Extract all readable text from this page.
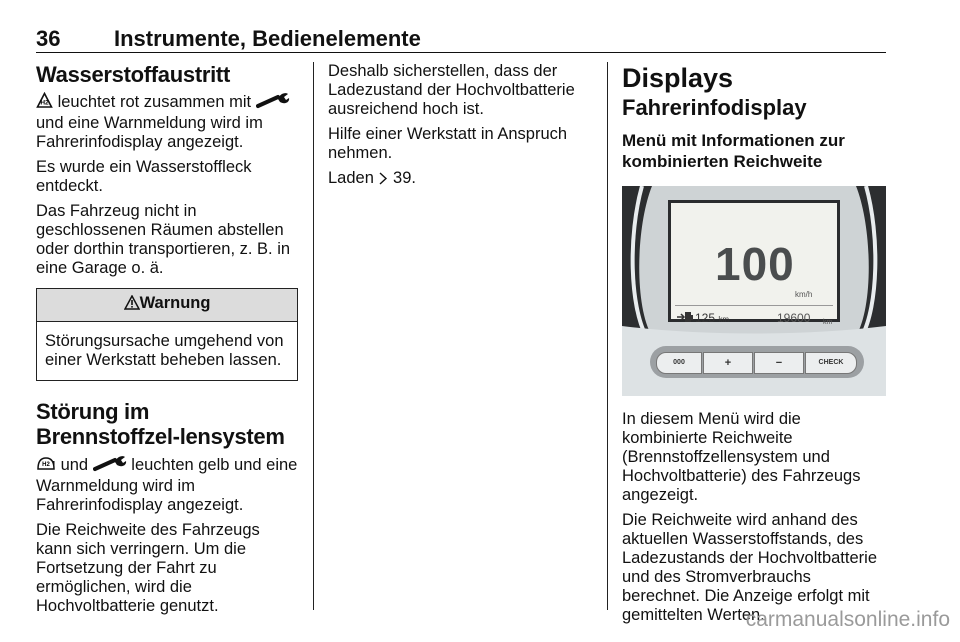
36 Instrumente, Bedienelemente
Wasserstoffaustritt
H2 leuchtet rot zusammen mit
und eine Warnmeldung wird im
Fahrerinfodisplay angezeigt.

Es wurde ein Wasserstoffleck entdeckt.

Das Fahrzeug nicht in geschlossenen Räumen abstellen oder dorthin transportieren, z. B. in eine Garage o. ä.

Warnung
Störungsursache umgehend von einer Werkstatt beheben lassen.
Störung im Brennstoffzel-lensystem
H2 und  leuchten gelb und eine
Warnmeldung wird im Fahrerinfodisplay angezeigt.

Die Reichweite des Fahrzeugs kann sich verringern. Um die Fortsetzung der Fahrt zu ermöglichen, wird die Hochvoltbatterie genutzt.

Deshalb sicherstellen, dass der Ladezustand der Hochvoltbatterie ausreichend hoch ist.

Hilfe einer Werkstatt in Anspruch nehmen.

Laden  39.

Displays
Fahrerinfodisplay
Menü mit Informationen zur kombinierten Reichweite
100
km/h
125 km	19600 km
000	+	−	CHECK

In diesem Menü wird die kombinierte Reichweite (Brennstoffzellensystem und Hochvoltbatterie) des Fahrzeugs angezeigt.

Die Reichweite wird anhand des aktuellen Wasserstoffstands, des Ladezustands der Hochvoltbatterie und des Stromverbrauchs berechnet. Die Anzeige erfolgt mit gemittelten Werten.

carmanualsonline.info
